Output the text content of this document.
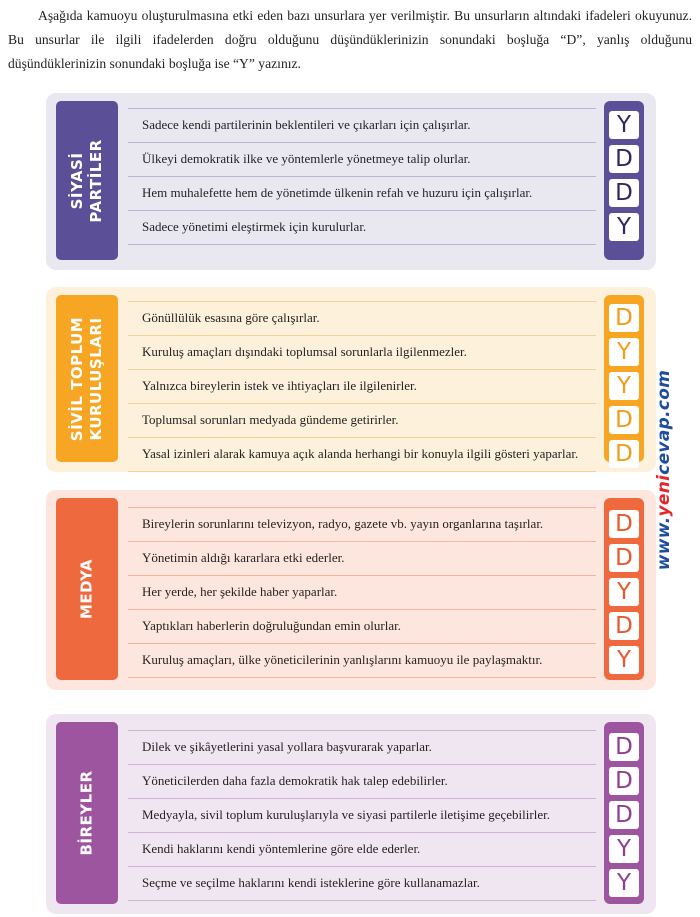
Aşağıda kamuoyu oluşturulmasına etki eden bazı unsurlara yer verilmiştir. Bu unsurların altındaki ifadeleri okuyunuz. Bu unsurlar ile ilgili ifadelerden doğru olduğunu düşündüklerinizin sonundaki boşluğa “D”, yanlış olduğunu düşündüklerinizin sonundaki boşluğa ise “Y” yazınız.
SİYASİ PARTİLER
Sadece kendi partilerinin beklentileri ve çıkarları için çalışırlar.
Ülkeyi demokratik ilke ve yöntemlerle yönetmeye talip olurlar.
Hem muhalefette hem de yönetimde ülkenin refah ve huzuru için çalışırlar.
Sadece yönetimi eleştirmek için kurulurlar.
Y
D
D
Y
SİVİL TOPLUM KURULUŞLARI	Gönüllülük esasına göre çalışırlar.
Kuruluş amaçları dışındaki toplumsal sorunlarla ilgilenmezler.
Yalnızca bireylerin istek ve ihtiyaçları ile ilgilenirler.
Toplumsal sorunları medyada gündeme getirirler.
Yasal izinleri alarak kamuya açık alanda herhangi bir konuyla ilgili gösteri yaparlar.
D
Y
Y
D
D
MEDYA
Bireylerin sorunlarını televizyon, radyo, gazete vb. yayın organlarına taşırlar.
Yönetimin aldığı kararlara etki ederler.
Her yerde, her şekilde haber yaparlar.
Yaptıkları haberlerin doğruluğundan emin olurlar.
Kuruluş amaçları, ülke yöneticilerinin yanlışlarını kamuoyu ile paylaşmaktır.
D
D
Y
D
Y
BİREYLER
Dilek ve şikâyetlerini yasal yollara başvurarak yaparlar.
Yöneticilerden daha fazla demokratik hak talep edebilirler.
Medyayla, sivil toplum kuruluşlarıyla ve siyasi partilerle iletişime geçebilirler.
Kendi haklarını kendi yöntemlerine göre elde ederler.
Seçme ve seçilme haklarını kendi isteklerine göre kullanamazlar.
D
D
D
Y
Y
www.yenicevap.com
